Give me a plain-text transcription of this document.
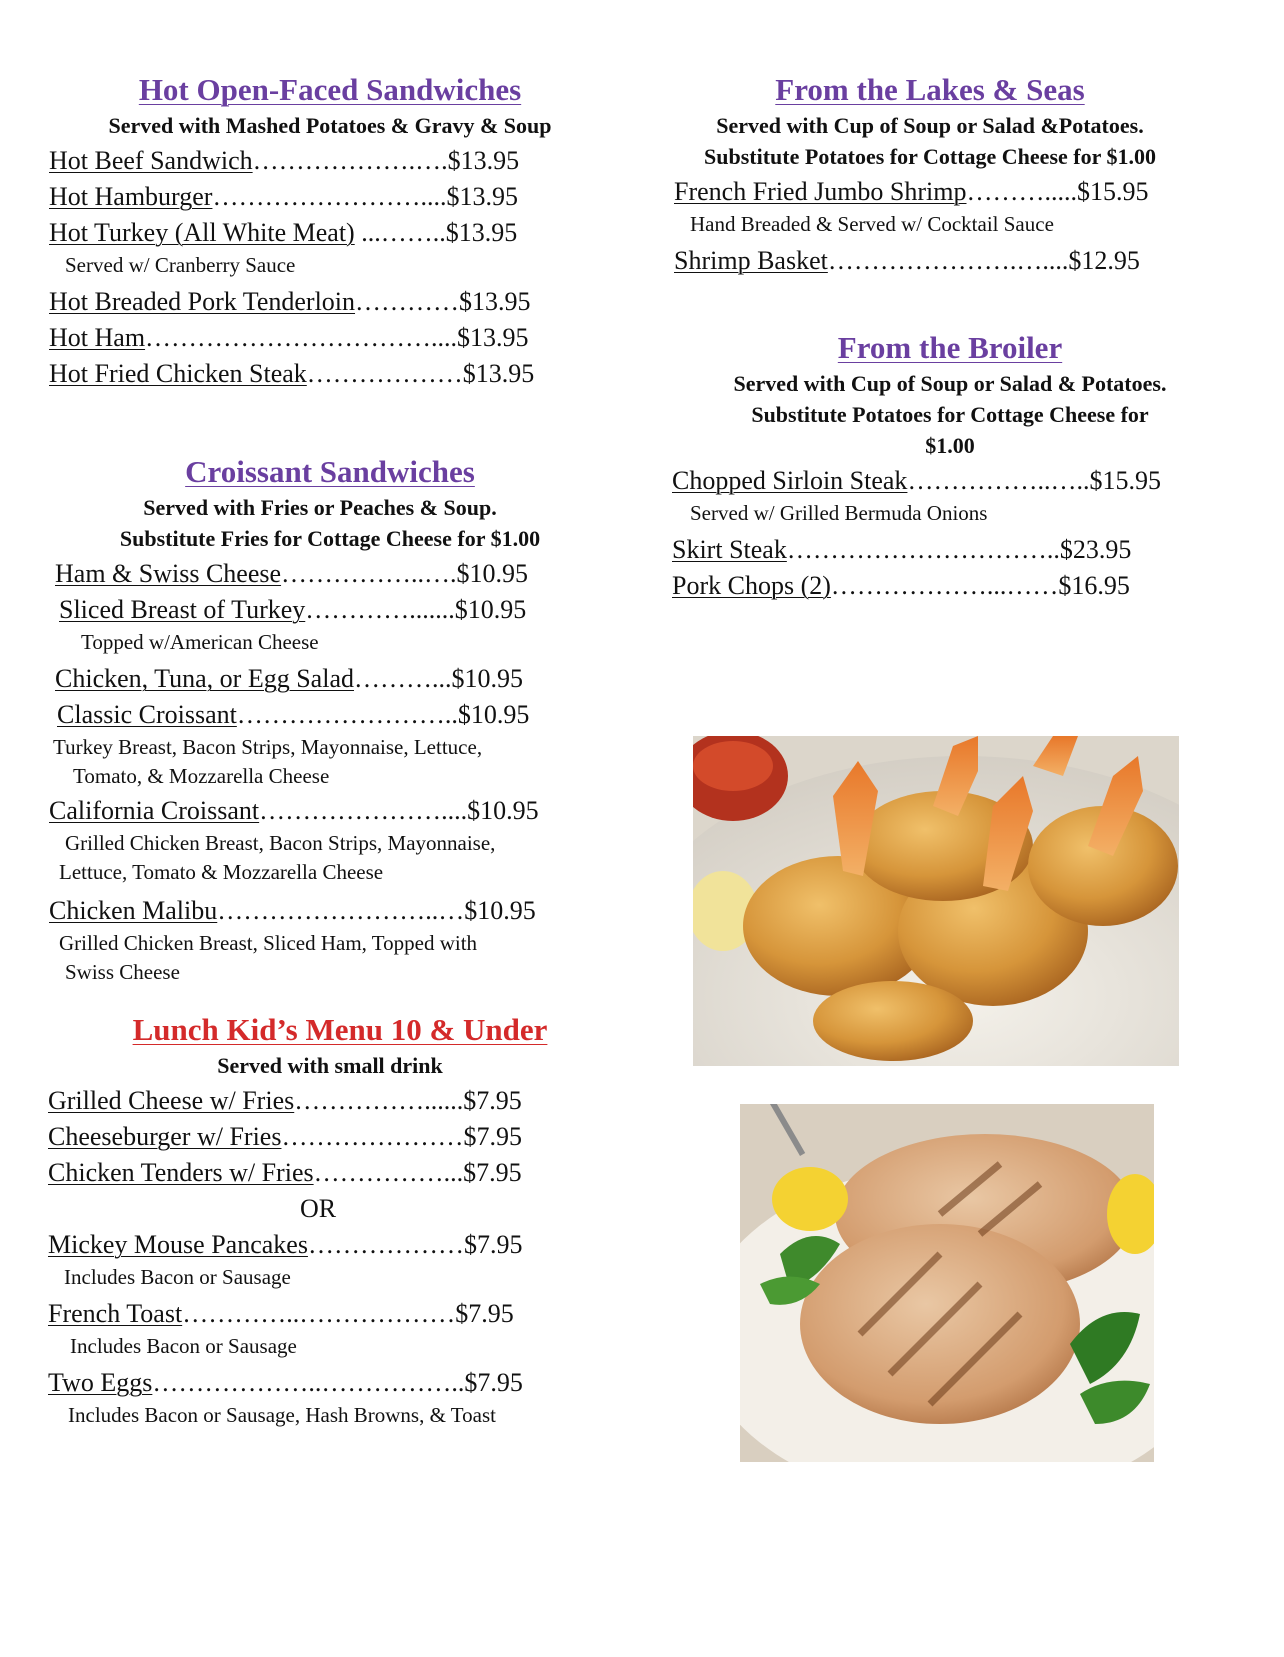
Hot Open-Faced Sandwiches

Served with Mashed Potatoes & Gravy & Soup

Hot Beef Sandwich……………….….$13.95
Hot Hamburger……………………....$13.95
Hot Turkey (All White Meat) ...……..$13.95
Served w/ Cranberry Sauce
Hot Breaded Pork Tenderloin…………$13.95
Hot Ham……………………………....$13.95
Hot Fried Chicken Steak………………$13.95
Croissant Sandwiches

Served with Fries or Peaches & Soup.

Substitute Fries for Cottage Cheese for $1.00

Ham & Swiss Cheese……………..….$10.95
Sliced Breast of Turkey………….......$10.95
Topped w/American Cheese
Chicken, Tuna, or Egg Salad………...$10.95
Classic Croissant……………………..$10.95
Turkey Breast, Bacon Strips, Mayonnaise, Lettuce,
Tomato, & Mozzarella Cheese
California Croissant…………………....$10.95
Grilled Chicken Breast, Bacon Strips, Mayonnaise,
Lettuce, Tomato & Mozzarella Cheese
Chicken Malibu……………………..…$10.95
Grilled Chicken Breast, Sliced Ham, Topped with
Swiss Cheese
Lunch Kid’s Menu 10 & Under

Served with small drink

Grilled Cheese w/ Fries……………......$7.95
Cheeseburger w/ Fries…………………$7.95
Chicken Tenders w/ Fries……………...$7.95
OR
Mickey Mouse Pancakes………………$7.95
Includes Bacon or Sausage
French Toast…………..………………$7.95
Includes Bacon or Sausage
Two Eggs………………..……………..$7.95
Includes Bacon or Sausage, Hash Browns, & Toast
From the Lakes & Seas

Served with Cup of Soup or Salad &Potatoes.

Substitute Potatoes for Cottage Cheese for $1.00

French Fried Jumbo Shrimp……….....$15.95
Hand Breaded & Served w/ Cocktail Sauce
Shrimp Basket………………….…....$12.95
From the Broiler

Served with Cup of Soup or Salad & Potatoes.

Substitute Potatoes for Cottage Cheese for

$1.00

Chopped Sirloin Steak……………..…..$15.95
Served w/ Grilled Bermuda Onions
Skirt Steak…………………………..$23.95
Pork Chops (2)………………...……$16.95
